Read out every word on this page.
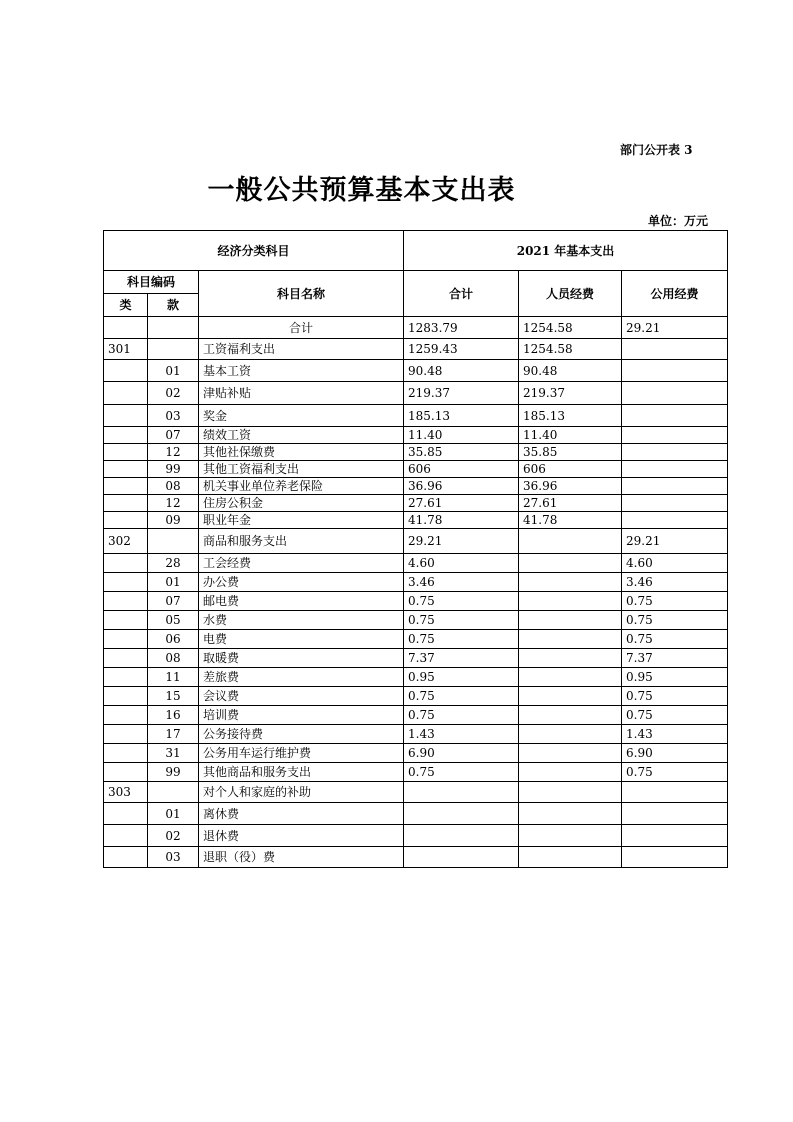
部门公开表 3
一般公共预算基本支出表
单位：万元
经济分类科目			2021 年基本支出		
科目编码		科目名称	合计	人员经费	公用经费
类	款				
		合计	1283.79	1254.58	29.21
301		工资福利支出	1259.43	1254.58	
	01	基本工资	90.48	90.48	
	02	津贴补贴	219.37	219.37	
	03	奖金	185.13	185.13	
	07	绩效工资	11.40	11.40	
	12	其他社保缴费	35.85	35.85	
	99	其他工资福利支出	606	606	
	08	机关事业单位养老保险	36.96	36.96	
	12	住房公积金	27.61	27.61	
	09	职业年金	41.78	41.78	
302		商品和服务支出	29.21		29.21
	28	工会经费	4.60		4.60
	01	办公费	3.46		3.46
	07	邮电费	0.75		0.75
	05	水费	0.75		0.75
	06	电费	0.75		0.75
	08	取暖费	7.37		7.37
	11	差旅费	0.95		0.95
	15	会议费	0.75		0.75
	16	培训费	0.75		0.75
	17	公务接待费	1.43		1.43
	31	公务用车运行维护费	6.90		6.90
	99	其他商品和服务支出	0.75		0.75
303		对个人和家庭的补助			
	01	离休费			
	02	退休费			
	03	退职（役）费			
